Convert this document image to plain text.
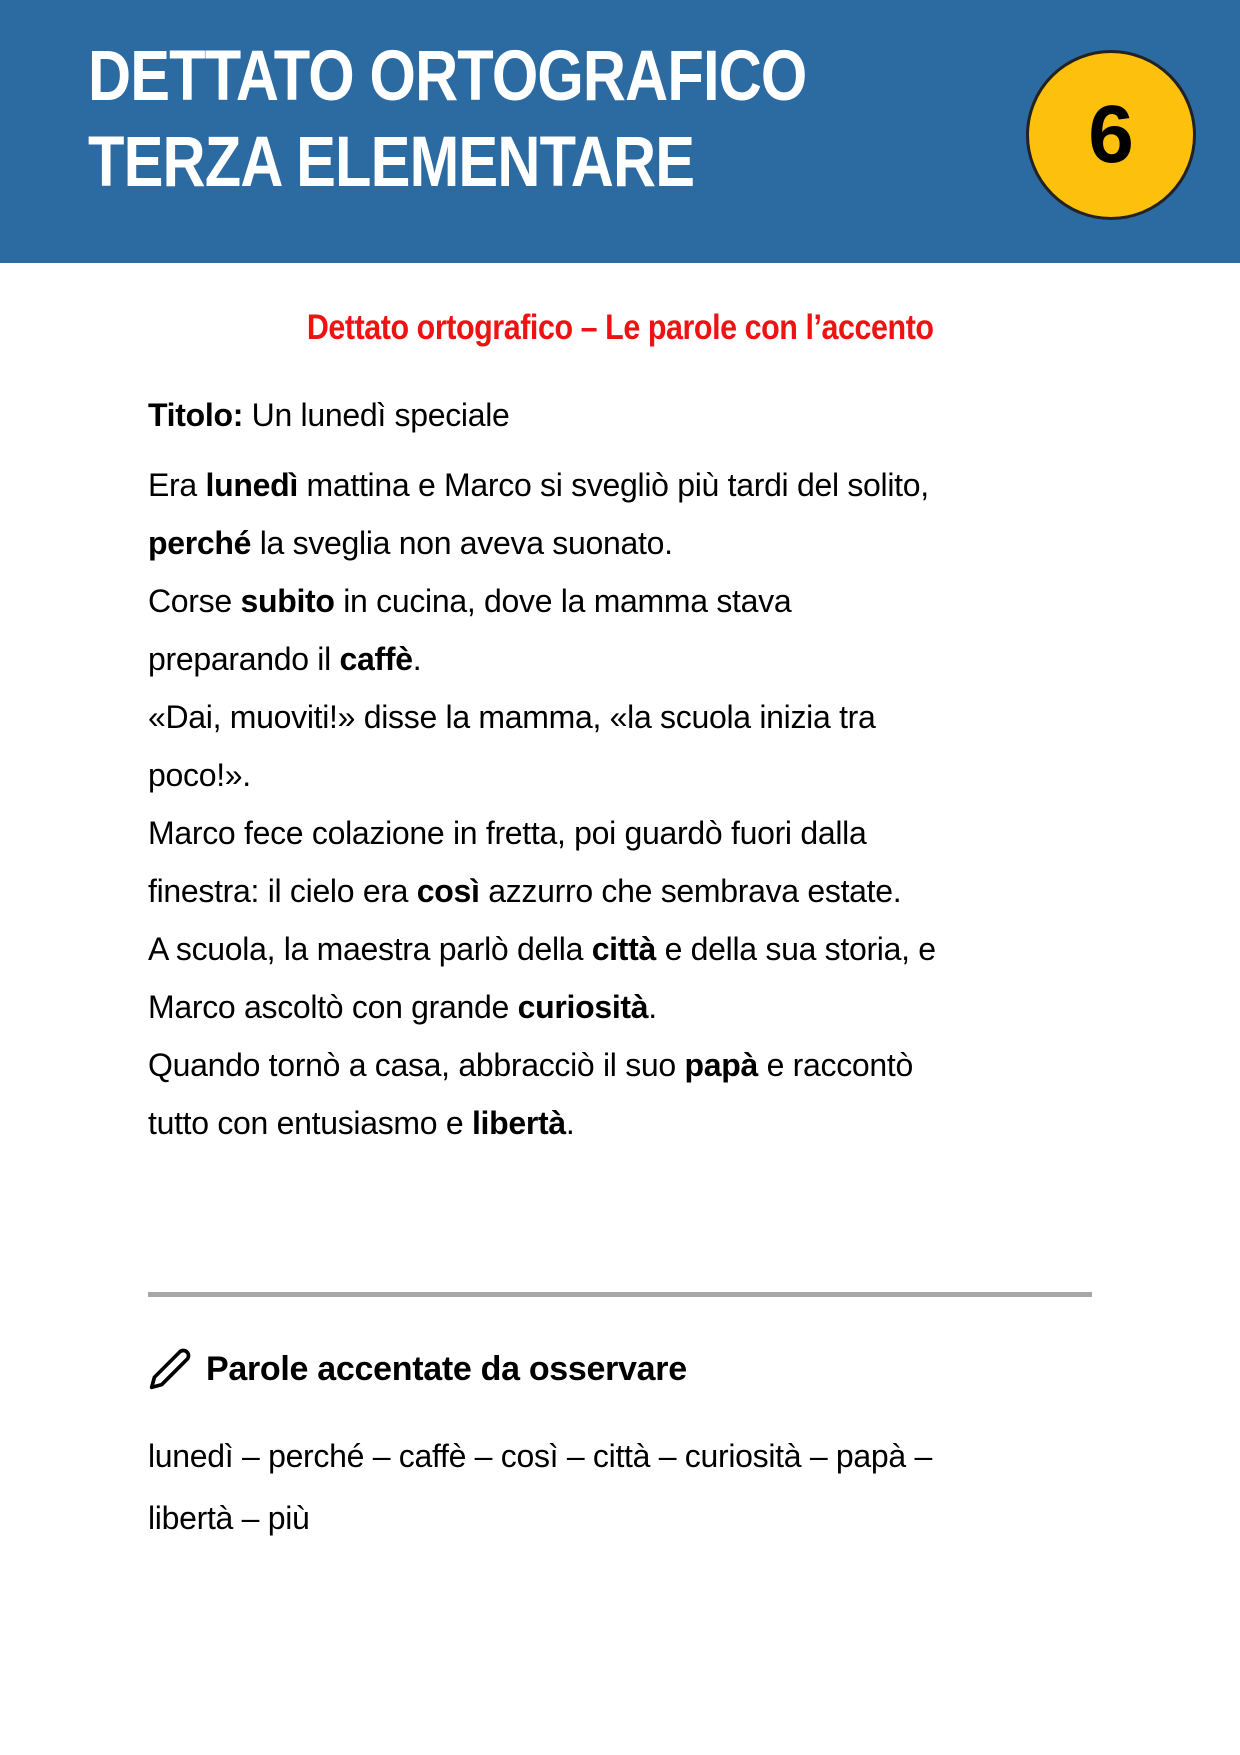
DETTATO ORTOGRAFICO
TERZA ELEMENTARE	6
Dettato ortografico – Le parole con l’accento
Titolo: Un lunedì speciale
Era lunedì mattina e Marco si svegliò più tardi del solito,
perché la sveglia non aveva suonato.
Corse subito in cucina, dove la mamma stava
preparando il caffè.
«Dai, muoviti!» disse la mamma, «la scuola inizia tra
poco!».
Marco fece colazione in fretta, poi guardò fuori dalla
finestra: il cielo era così azzurro che sembrava estate.
A scuola, la maestra parlò della città e della sua storia, e
Marco ascoltò con grande curiosità.
Quando tornò a casa, abbracciò il suo papà e raccontò
tutto con entusiasmo e libertà.
Parole accentate da osservare
lunedì – perché – caffè – così – città – curiosità – papà –
libertà – più
